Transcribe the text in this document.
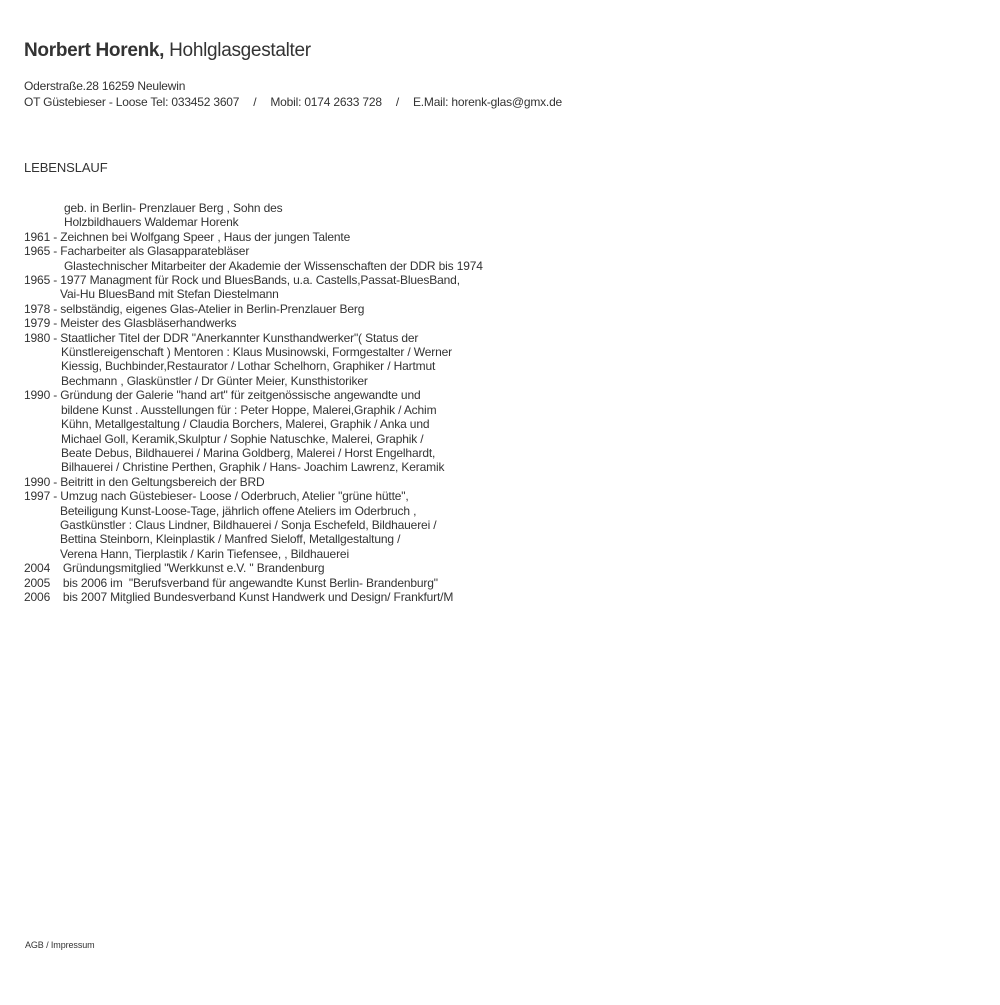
Norbert Horenk, Hohlglasgestalter
Oderstraße.28 16259 Neulewin
OT Güstebieser - Loose Tel: 033452 3607 / Mobil: 0174 2633 728 / E.Mail: horenk-glas@gmx.de
LEBENSLAUF
geb. in Berlin- Prenzlauer Berg , Sohn des
Holzbildhauers Waldemar Horenk
1961 - Zeichnen bei Wolfgang Speer , Haus der jungen Talente
1965 - Facharbeiter als Glasapparatebläser
Glastechnischer Mitarbeiter der Akademie der Wissenschaften der DDR bis 1974
1965 - 1977 Managment für Rock und BluesBands, u.a. Castells,Passat-BluesBand,
Vai-Hu BluesBand mit Stefan Diestelmann
1978 - selbständig, eigenes Glas-Atelier in Berlin-Prenzlauer Berg
1979 - Meister des Glasbläserhandwerks
1980 - Staatlicher Titel der DDR "Anerkannter Kunsthandwerker"( Status der
Künstlereigenschaft ) Mentoren : Klaus Musinowski, Formgestalter / Werner
Kiessig, Buchbinder,Restaurator / Lothar Schelhorn, Graphiker / Hartmut
Bechmann , Glaskünstler / Dr Günter Meier, Kunsthistoriker
1990 - Gründung der Galerie "hand art" für zeitgenössische angewandte und
bildene Kunst . Ausstellungen für : Peter Hoppe, Malerei,Graphik / Achim
Kühn, Metallgestaltung / Claudia Borchers, Malerei, Graphik / Anka und
Michael Goll, Keramik,Skulptur / Sophie Natuschke, Malerei, Graphik /
Beate Debus, Bildhauerei / Marina Goldberg, Malerei / Horst Engelhardt,
Bilhauerei / Christine Perthen, Graphik / Hans- Joachim Lawrenz, Keramik
1990 - Beitritt in den Geltungsbereich der BRD
1997 - Umzug nach Güstebieser- Loose / Oderbruch, Atelier "grüne hütte",
Beteiligung Kunst-Loose-Tage, jährlich offene Ateliers im Oderbruch ,
Gastkünstler : Claus Lindner, Bildhauerei / Sonja Eschefeld, Bildhauerei /
Bettina Steinborn, Kleinplastik / Manfred Sieloff, Metallgestaltung /
Verena Hann, Tierplastik / Karin Tiefensee, , Bildhauerei
2004    Gründungsmitglied "Werkkunst e.V. " Brandenburg
2005    bis 2006 im  "Berufsverband für angewandte Kunst Berlin- Brandenburg"
2006    bis 2007 Mitglied Bundesverband Kunst Handwerk und Design/ Frankfurt/M
AGB / Impressum
